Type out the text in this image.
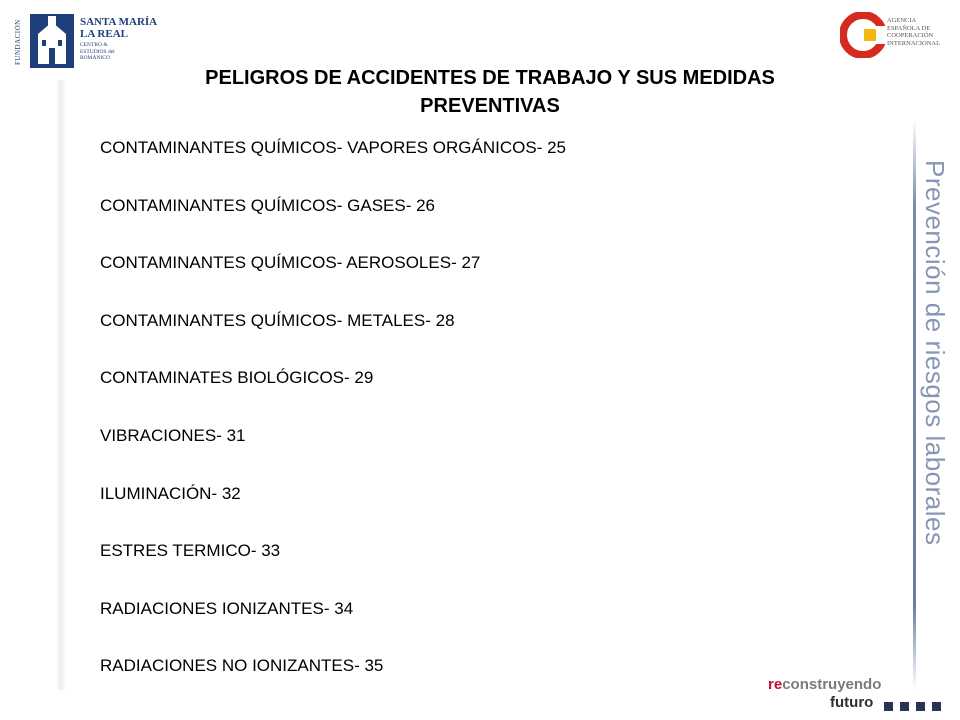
FUNDACIÓN	SANTA MARÍA
LA REAL
CENTRO &
ESTUDIOS del
ROMÁNICO
AGENCIA
ESPAÑOLA DE
COOPERACIÓN
INTERNACIONAL
PELIGROS DE ACCIDENTES DE TRABAJO Y SUS MEDIDAS
PREVENTIVAS
CONTAMINANTES QUÍMICOS- VAPORES ORGÁNICOS- 25
CONTAMINANTES QUÍMICOS- GASES- 26
CONTAMINANTES QUÍMICOS- AEROSOLES- 27
CONTAMINANTES QUÍMICOS- METALES- 28
CONTAMINATES BIOLÓGICOS- 29
VIBRACIONES- 31
ILUMINACIÓN- 32
ESTRES TERMICO- 33
RADIACIONES IONIZANTES- 34
RADIACIONES NO IONIZANTES- 35
Prevención de riesgos laborales
reconstruyendo
futuro
